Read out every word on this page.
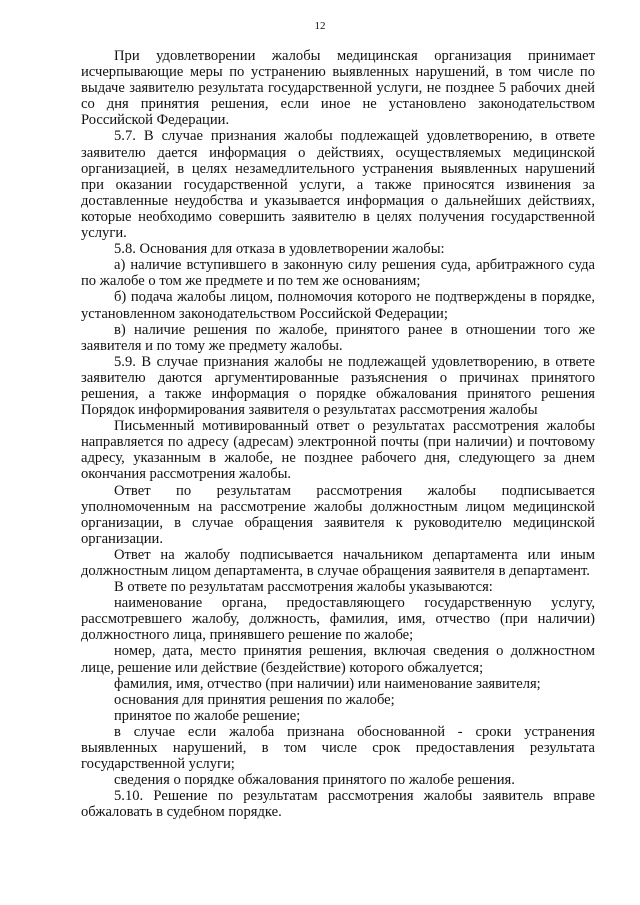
12

При удовлетворении жалобы медицинская организация принимает исчерпывающие меры по устранению выявленных нарушений, в том числе по выдаче заявителю результата государственной услуги, не позднее 5 рабочих дней со дня принятия решения, если иное не установлено законодательством Российской Федерации.

5.7. В случае признания жалобы подлежащей удовлетворению, в ответе заявителю дается информация о действиях, осуществляемых медицинской организацией, в целях незамедлительного устранения выявленных нарушений при оказании государственной услуги, а также приносятся извинения за доставленные неудобства и указывается информация о дальнейших действиях, которые необходимо совершить заявителю в целях получения государственной услуги.

5.8. Основания для отказа в удовлетворении жалобы:

а) наличие вступившего в законную силу решения суда, арбитражного суда по жалобе о том же предмете и по тем же основаниям;

б) подача жалобы лицом, полномочия которого не подтверждены в порядке, установленном законодательством Российской Федерации;

в) наличие решения по жалобе, принятого ранее в отношении того же заявителя и по тому же предмету жалобы.

5.9. В случае признания жалобы не подлежащей удовлетворению, в ответе заявителю даются аргументированные разъяснения о причинах принятого решения, а также информация о порядке обжалования принятого решения Порядок информирования заявителя о результатах рассмотрения жалобы

Письменный мотивированный ответ о результатах рассмотрения жалобы направляется по адресу (адресам) электронной почты (при наличии) и почтовому адресу, указанным в жалобе, не позднее рабочего дня, следующего за днем окончания рассмотрения жалобы.

Ответ по результатам рассмотрения жалобы подписывается уполномоченным на рассмотрение жалобы должностным лицом медицинской организации, в случае обращения заявителя к руководителю медицинской организации.

Ответ на жалобу подписывается начальником департамента или иным должностным лицом департамента, в случае обращения заявителя в департамент.

В ответе по результатам рассмотрения жалобы указываются:

наименование органа, предоставляющего государственную услугу, рассмотревшего жалобу, должность, фамилия, имя, отчество (при наличии) должностного лица, принявшего решение по жалобе;

номер, дата, место принятия решения, включая сведения о должностном лице, решение или действие (бездействие) которого обжалуется;

фамилия, имя, отчество (при наличии) или наименование заявителя;

основания для принятия решения по жалобе;

принятое по жалобе решение;

в случае если жалоба признана обоснованной - сроки устранения выявленных нарушений, в том числе срок предоставления результата государственной услуги;

сведения о порядке обжалования принятого по жалобе решения.

5.10. Решение по результатам рассмотрения жалобы заявитель вправе обжаловать в судебном порядке.
